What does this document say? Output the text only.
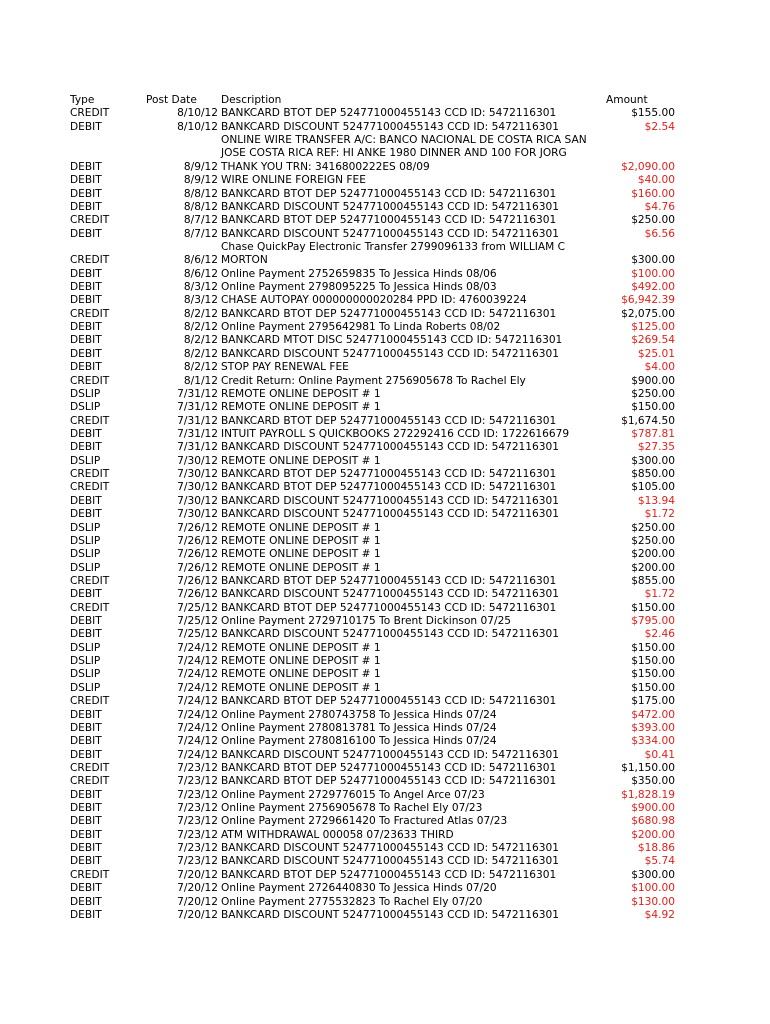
Type	Post Date Description	Amount
CREDIT	8/10/12 BANKCARD BTOT DEP 524771000455143 CCD ID: 5472116301	$155.00
DEBIT	8/10/12 BANKCARD DISCOUNT 524771000455143 CCD ID: 5472116301	$2.54
ONLINE WIRE TRANSFER A/C: BANCO NACIONAL DE COSTA RICA SAN
JOSE COSTA RICA REF: HI ANKE 1980 DINNER AND 100 FOR JORG
DEBIT	8/9/12 THANK YOU TRN: 3416800222ES 08/09	$2,090.00
DEBIT	8/9/12 WIRE ONLINE FOREIGN FEE	$40.00
DEBIT	8/8/12 BANKCARD BTOT DEP 524771000455143 CCD ID: 5472116301	$160.00
DEBIT	8/8/12 BANKCARD DISCOUNT 524771000455143 CCD ID: 5472116301	$4.76
CREDIT	8/7/12 BANKCARD BTOT DEP 524771000455143 CCD ID: 5472116301	$250.00
DEBIT	8/7/12 BANKCARD DISCOUNT 524771000455143 CCD ID: 5472116301	$6.56
Chase QuickPay Electronic Transfer 2799096133 from WILLIAM C
CREDIT	8/6/12 MORTON	$300.00
DEBIT	8/6/12 Online Payment 2752659835 To Jessica Hinds 08/06	$100.00
DEBIT	8/3/12 Online Payment 2798095225 To Jessica Hinds 08/03	$492.00
DEBIT	8/3/12 CHASE AUTOPAY 000000000020284 PPD ID: 4760039224	$6,942.39
CREDIT	8/2/12 BANKCARD BTOT DEP 524771000455143 CCD ID: 5472116301	$2,075.00
DEBIT	8/2/12 Online Payment 2795642981 To Linda Roberts 08/02	$125.00
DEBIT	8/2/12 BANKCARD MTOT DISC 524771000455143 CCD ID: 5472116301	$269.54
DEBIT	8/2/12 BANKCARD DISCOUNT 524771000455143 CCD ID: 5472116301	$25.01
DEBIT	8/2/12 STOP PAY RENEWAL FEE	$4.00
CREDIT	8/1/12 Credit Return: Online Payment 2756905678 To Rachel Ely	$900.00
DSLIP	7/31/12 REMOTE ONLINE DEPOSIT # 1	$250.00
DSLIP	7/31/12 REMOTE ONLINE DEPOSIT # 1	$150.00
CREDIT	7/31/12 BANKCARD BTOT DEP 524771000455143 CCD ID: 5472116301	$1,674.50
DEBIT	7/31/12 INTUIT PAYROLL S QUICKBOOKS 272292416 CCD ID: 1722616679	$787.81
DEBIT	7/31/12 BANKCARD DISCOUNT 524771000455143 CCD ID: 5472116301	$27.35
DSLIP	7/30/12 REMOTE ONLINE DEPOSIT # 1	$300.00
CREDIT	7/30/12 BANKCARD BTOT DEP 524771000455143 CCD ID: 5472116301	$850.00
CREDIT	7/30/12 BANKCARD BTOT DEP 524771000455143 CCD ID: 5472116301	$105.00
DEBIT	7/30/12 BANKCARD DISCOUNT 524771000455143 CCD ID: 5472116301	$13.94
DEBIT	7/30/12 BANKCARD DISCOUNT 524771000455143 CCD ID: 5472116301	$1.72
DSLIP	7/26/12 REMOTE ONLINE DEPOSIT # 1	$250.00
DSLIP	7/26/12 REMOTE ONLINE DEPOSIT # 1	$250.00
DSLIP	7/26/12 REMOTE ONLINE DEPOSIT # 1	$200.00
DSLIP	7/26/12 REMOTE ONLINE DEPOSIT # 1	$200.00
CREDIT	7/26/12 BANKCARD BTOT DEP 524771000455143 CCD ID: 5472116301	$855.00
DEBIT	7/26/12 BANKCARD DISCOUNT 524771000455143 CCD ID: 5472116301	$1.72
CREDIT	7/25/12 BANKCARD BTOT DEP 524771000455143 CCD ID: 5472116301	$150.00
DEBIT	7/25/12 Online Payment 2729710175 To Brent Dickinson 07/25	$795.00
DEBIT	7/25/12 BANKCARD DISCOUNT 524771000455143 CCD ID: 5472116301	$2.46
DSLIP	7/24/12 REMOTE ONLINE DEPOSIT # 1	$150.00
DSLIP	7/24/12 REMOTE ONLINE DEPOSIT # 1	$150.00
DSLIP	7/24/12 REMOTE ONLINE DEPOSIT # 1	$150.00
DSLIP	7/24/12 REMOTE ONLINE DEPOSIT # 1	$150.00
CREDIT	7/24/12 BANKCARD BTOT DEP 524771000455143 CCD ID: 5472116301	$175.00
DEBIT	7/24/12 Online Payment 2780743758 To Jessica Hinds 07/24	$472.00
DEBIT	7/24/12 Online Payment 2780813781 To Jessica Hinds 07/24	$393.00
DEBIT	7/24/12 Online Payment 2780816100 To Jessica Hinds 07/24	$334.00
DEBIT	7/24/12 BANKCARD DISCOUNT 524771000455143 CCD ID: 5472116301	$0.41
CREDIT	7/23/12 BANKCARD BTOT DEP 524771000455143 CCD ID: 5472116301	$1,150.00
CREDIT	7/23/12 BANKCARD BTOT DEP 524771000455143 CCD ID: 5472116301	$350.00
DEBIT	7/23/12 Online Payment 2729776015 To Angel Arce 07/23	$1,828.19
DEBIT	7/23/12 Online Payment 2756905678 To Rachel Ely 07/23	$900.00
DEBIT	7/23/12 Online Payment 2729661420 To Fractured Atlas 07/23	$680.98
DEBIT	7/23/12 ATM WITHDRAWAL 000058 07/23633 THIRD	$200.00
DEBIT	7/23/12 BANKCARD DISCOUNT 524771000455143 CCD ID: 5472116301	$18.86
DEBIT	7/23/12 BANKCARD DISCOUNT 524771000455143 CCD ID: 5472116301	$5.74
CREDIT	7/20/12 BANKCARD BTOT DEP 524771000455143 CCD ID: 5472116301	$300.00
DEBIT	7/20/12 Online Payment 2726440830 To Jessica Hinds 07/20	$100.00
DEBIT	7/20/12 Online Payment 2775532823 To Rachel Ely 07/20	$130.00
DEBIT	7/20/12 BANKCARD DISCOUNT 524771000455143 CCD ID: 5472116301	$4.92
